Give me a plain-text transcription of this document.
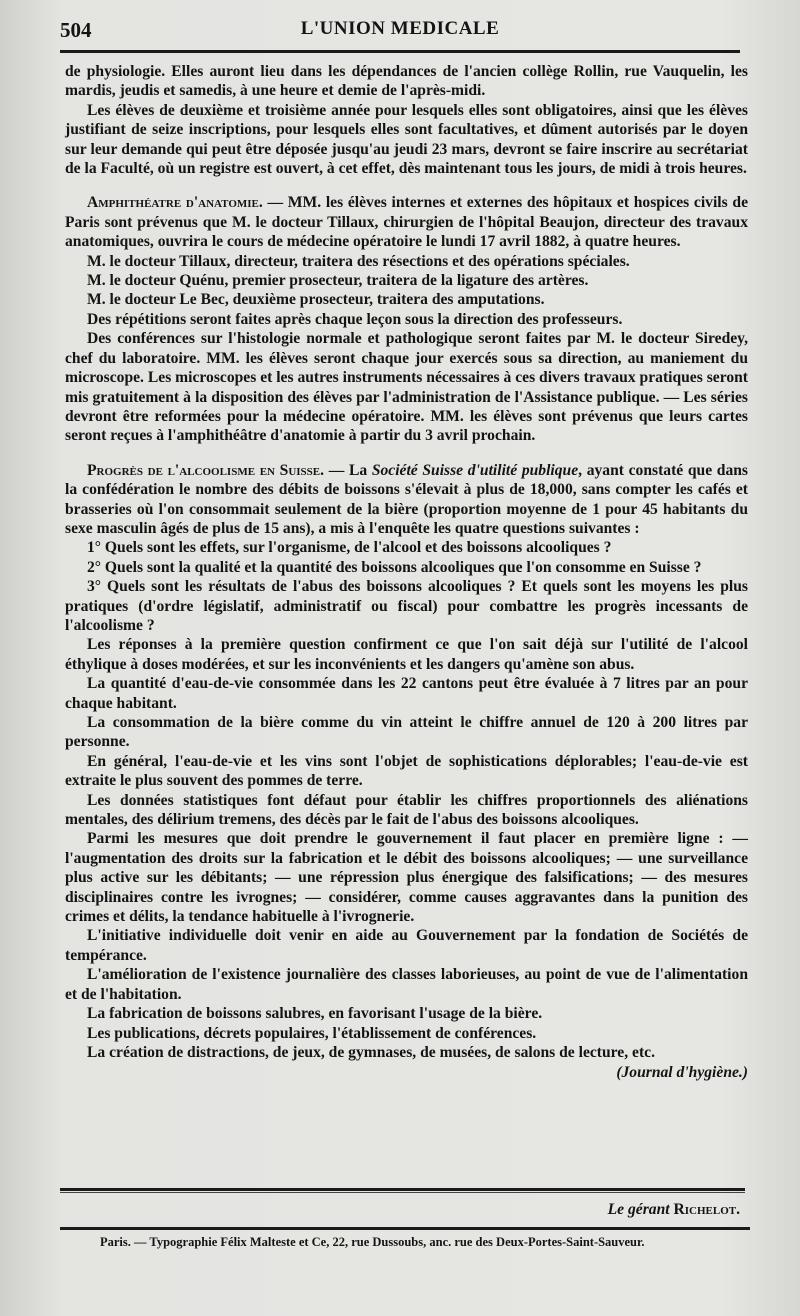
504	L'UNION MEDICALE

de physiologie. Elles auront lieu dans les dépendances de l'ancien collège Rollin, rue Vauquelin, les mardis, jeudis et samedis, à une heure et demie de l'après-midi.

Les élèves de deuxième et troisième année pour lesquels elles sont obligatoires, ainsi que les élèves justifiant de seize inscriptions, pour lesquels elles sont facultatives, et dûment autorisés par le doyen sur leur demande qui peut être déposée jusqu'au jeudi 23 mars, devront se faire inscrire au secrétariat de la Faculté, où un registre est ouvert, à cet effet, dès maintenant tous les jours, de midi à trois heures.

Amphithéatre d'anatomie. — MM. les élèves internes et externes des hôpitaux et hospices civils de Paris sont prévenus que M. le docteur Tillaux, chirurgien de l'hôpital Beaujon, directeur des travaux anatomiques, ouvrira le cours de médecine opératoire le lundi 17 avril 1882, à quatre heures.

M. le docteur Tillaux, directeur, traitera des résections et des opérations spéciales.

M. le docteur Quénu, premier prosecteur, traitera de la ligature des artères.

M. le docteur Le Bec, deuxième prosecteur, traitera des amputations.

Des répétitions seront faites après chaque leçon sous la direction des professeurs.

Des conférences sur l'histologie normale et pathologique seront faites par M. le docteur Siredey, chef du laboratoire. MM. les élèves seront chaque jour exercés sous sa direction, au maniement du microscope. Les microscopes et les autres instruments nécessaires à ces divers travaux pratiques seront mis gratuitement à la disposition des élèves par l'administration de l'Assistance publique. — Les séries devront être reformées pour la médecine opératoire. MM. les élèves sont prévenus que leurs cartes seront reçues à l'amphithéâtre d'anatomie à partir du 3 avril prochain.

Progrès de l'alcoolisme en Suisse. — La Société Suisse d'utilité publique, ayant constaté que dans la confédération le nombre des débits de boissons s'élevait à plus de 18,000, sans compter les cafés et brasseries où l'on consommait seulement de la bière (proportion moyenne de 1 pour 45 habitants du sexe masculin âgés de plus de 15 ans), a mis à l'enquête les quatre questions suivantes :

1° Quels sont les effets, sur l'organisme, de l'alcool et des boissons alcooliques ?

2° Quels sont la qualité et la quantité des boissons alcooliques que l'on consomme en Suisse ?

3° Quels sont les résultats de l'abus des boissons alcooliques ? Et quels sont les moyens les plus pratiques (d'ordre législatif, administratif ou fiscal) pour combattre les progrès incessants de l'alcoolisme ?

Les réponses à la première question confirment ce que l'on sait déjà sur l'utilité de l'alcool éthylique à doses modérées, et sur les inconvénients et les dangers qu'amène son abus.

La quantité d'eau-de-vie consommée dans les 22 cantons peut être évaluée à 7 litres par an pour chaque habitant.

La consommation de la bière comme du vin atteint le chiffre annuel de 120 à 200 litres par personne.

En général, l'eau-de-vie et les vins sont l'objet de sophistications déplorables; l'eau-de-vie est extraite le plus souvent des pommes de terre.

Les données statistiques font défaut pour établir les chiffres proportionnels des aliénations mentales, des délirium tremens, des décès par le fait de l'abus des boissons alcooliques.

Parmi les mesures que doit prendre le gouvernement il faut placer en première ligne : — l'augmentation des droits sur la fabrication et le débit des boissons alcooliques; — une surveillance plus active sur les débitants; — une répression plus énergique des falsifications; — des mesures disciplinaires contre les ivrognes; — considérer, comme causes aggravantes dans la punition des crimes et délits, la tendance habituelle à l'ivrognerie.

L'initiative individuelle doit venir en aide au Gouvernement par la fondation de Sociétés de tempérance.

L'amélioration de l'existence journalière des classes laborieuses, au point de vue de l'alimentation et de l'habitation.

La fabrication de boissons salubres, en favorisant l'usage de la bière.

Les publications, décrets populaires, l'établissement de conférences.

La création de distractions, de jeux, de gymnases, de musées, de salons de lecture, etc.

(Journal d'hygiène.)
Le gérant Richelot.
Paris. — Typographie Félix Malteste et Ce, 22, rue Dussoubs, anc. rue des Deux-Portes-Saint-Sauveur.
